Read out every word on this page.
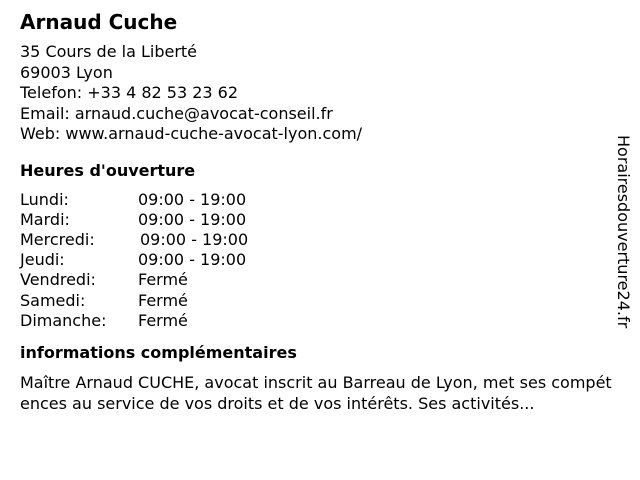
Arnaud Cuche
35 Cours de la Liberté
69003 Lyon
Telefon: +33 4 82 53 23 62
Email: arnaud.cuche@avocat-conseil.fr
Web: www.arnaud-cuche-avocat-lyon.com/
Heures d'ouverture
Lundi:	09:00 - 19:00
Mardi:	09:00 - 19:00
Mercredi:	09:00 - 19:00
Jeudi:	09:00 - 19:00
Vendredi:	Fermé
Samedi:	Fermé
Dimanche:	Fermé
informations complémentaires
Maître Arnaud CUCHE, avocat inscrit au Barreau de Lyon, met ses compétences au service de vos droits et de vos intérêts. Ses activités...
Horairesdouverture24.fr
